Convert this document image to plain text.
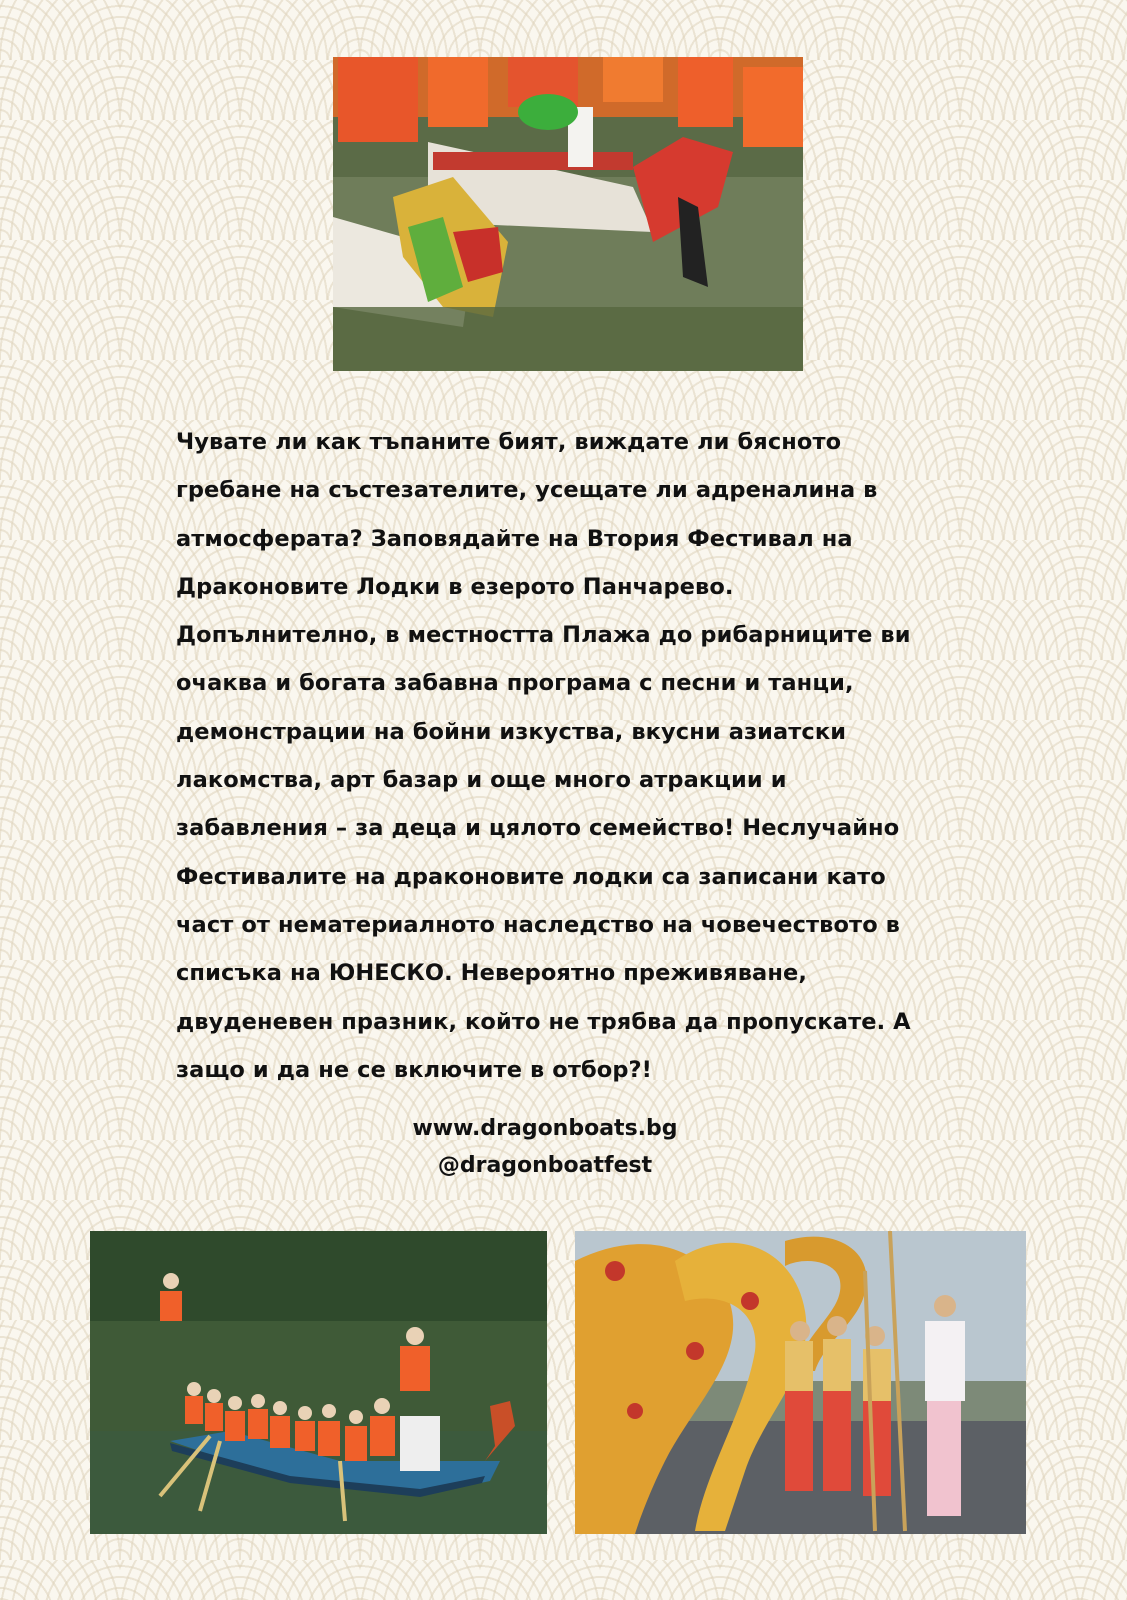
Чувате ли как тъпаните бият, виждате ли бясното
гребане на състезателите, усещате ли адреналина в
атмосферата? Заповядайте на Втория Фестивал на
Драконовите Лодки в езерото Панчарево.
Допълнително, в местността Плажа до рибарниците ви
очаква и богата забавна програма с песни и танци,
демонстрации на бойни изкуства, вкусни азиатски
лакомства, арт базар и още много атракции и
забавления – за деца и цялото семейство! Неслучайно
Фестивалите на драконовите лодки са записани като
част от нематериалното наследство на човечеството в
списъка на ЮНЕСКО. Невероятно преживяване,
двуденевен празник, който не трябва да пропускате. А
защо и да не се включите в отбор?!

www.dragonboats.bg
@dragonboatfest
